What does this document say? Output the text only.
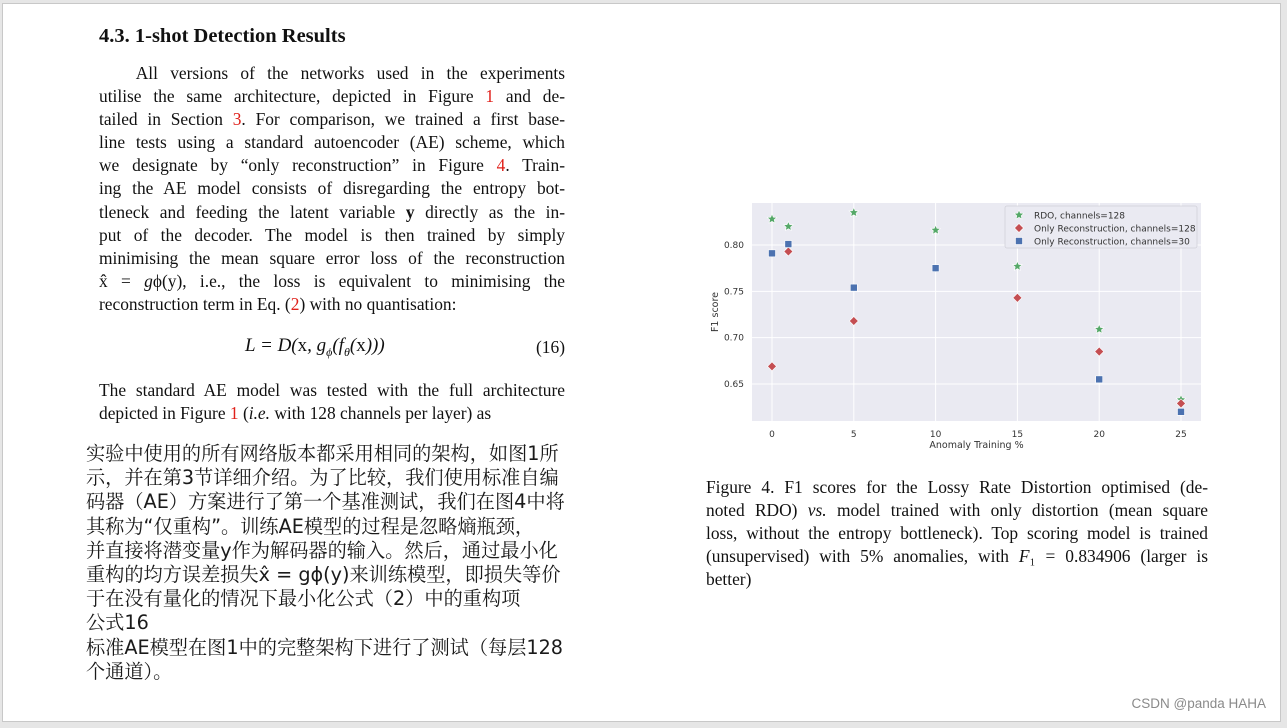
4.3. 1-shot Detection Results
All versions of the networks used in the experiments
utilise the same architecture, depicted in Figure 1 and de-
tailed in Section 3. For comparison, we trained a first base-
line tests using a standard autoencoder (AE) scheme, which
we designate by “only reconstruction” in Figure 4. Train-
ing the AE model consists of disregarding the entropy bot-
tleneck and feeding the latent variable y directly as the in-
put of the decoder. The model is then trained by simply
minimising the mean square error loss of the reconstruction
x̂ = gϕ(y), i.e., the loss is equivalent to minimising the
reconstruction term in Eq. (2) with no quantisation:
L = D(x, $g_\phi(f_\theta(x))$)	(16)
The standard AE model was tested with the full architecture
depicted in Figure 1 (i.e. with 128 channels per layer) as
实验中使用的所有网络版本都采用相同的架构，如图1所
示，并在第3节详细介绍。为了比较，我们使用标准自编
码器（AE）方案进行了第一个基准测试，我们在图4中将
其称为“仅重构”。训练AE模型的过程是忽略熵瓶颈，
并直接将潜变量y作为解码器的输入。然后，通过最小化
重构的均方误差损失x̂ = gϕ(y)来训练模型，即损失等价
于在没有量化的情况下最小化公式（2）中的重构项
公式16
标准AE模型在图1中的完整架构下进行了测试（每层128
个通道）。
0	5	10	15	20	25
0.65
0.70
0.75
0.80
Anomaly Training %
F1 score
RDO, channels=128
Only Reconstruction, channels=128
Only Reconstruction, channels=30
Figure 4. F1 scores for the Lossy Rate Distortion optimised (de-
noted RDO) vs. model trained with only distortion (mean square
loss, without the entropy bottleneck). Top scoring model is trained
(unsupervised) with 5% anomalies, with F₁ = 0.834906 (larger is
better)
CSDN @panda HAHA
